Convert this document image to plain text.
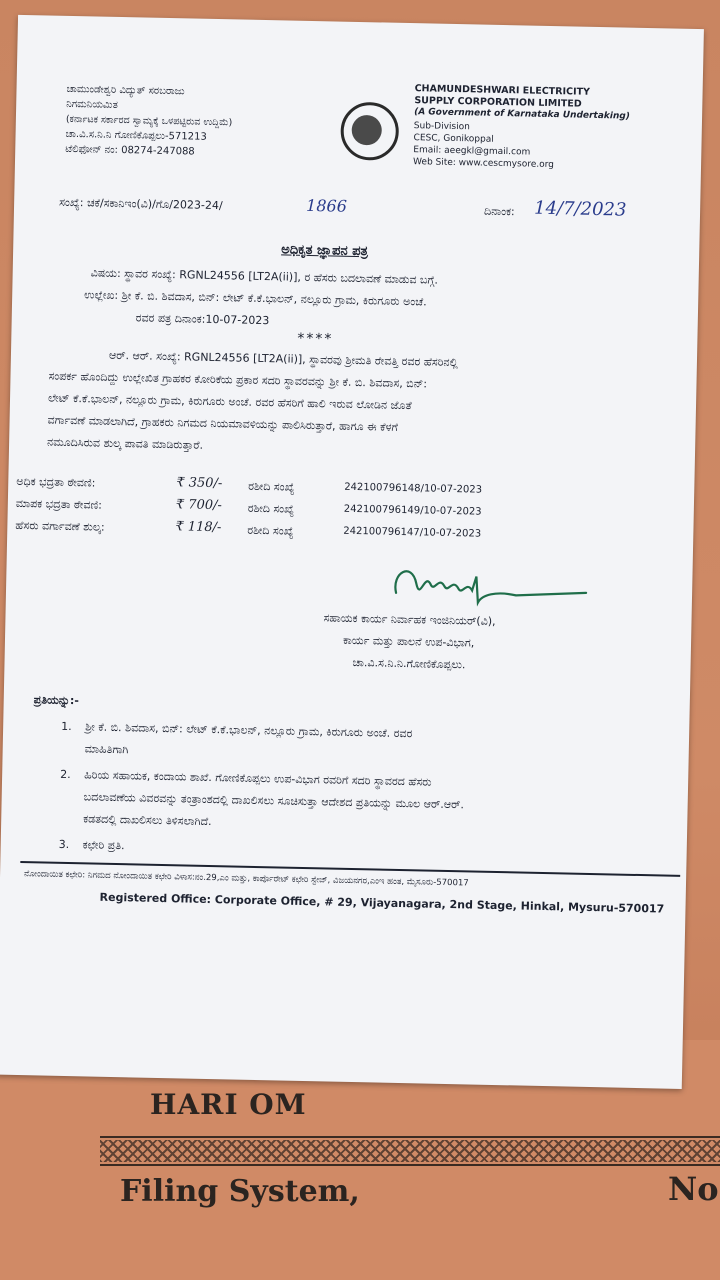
HARI OM
Filing System,	No
ಚಾಮುಂಡೇಶ್ವರಿ ವಿದ್ಯುತ್ ಸರಬರಾಜು
ನಿಗಮನಿಯಮಿತ
(ಕರ್ನಾಟಕ ಸರ್ಕಾರದ ಸ್ವಾಮ್ಯಕ್ಕೆ ಒಳಪಟ್ಟಿರುವ ಉದ್ದಿಮೆ)
ಚಾ.ವಿ.ಸ.ನಿ.ನಿ ಗೋಣಿಕೊಪ್ಪಲು-571213
ಟೆಲಿಫೋನ್ ನಂ: 08274-247088
CHAMUNDESHWARI ELECTRICITY
SUPPLY CORPORATION LIMITED
(A Government of Karnataka Undertaking)
Sub-Division
CESC, Gonikoppal
Email: aeegkl@gmail.com
Web Site: www.cescmysore.org
ಸಂಖ್ಯೆ: ಚಕೆ/ಸಕಾನಿಇಂ(ವಿ)/ಗೊ/2023-24/	1866	ದಿನಾಂಕ: 14/7/2023
ಅಧಿಕೃತ ಜ್ಞಾಪನ ಪತ್ರ
ವಿಷಯ: ಸ್ಥಾವರ ಸಂಖ್ಯೆ: RGNL24556 [LT2A(ii)], ರ ಹೆಸರು ಬದಲಾವಣೆ ಮಾಡುವ ಬಗ್ಗೆ.
ಉಲ್ಲೇಖ: ಶ್ರೀ ಕೆ. ಬಿ. ಶಿವದಾಸ, ಬಿನ್: ಲೇಟ್ ಕೆ.ಕೆ.ಭಾಲನ್, ನಲ್ಲೂರು ಗ್ರಾಮ, ಕಿರುಗೂರು ಅಂಚೆ.
ರವರ ಪತ್ರ ದಿನಾಂಕ:10-07-2023
****
ಆರ್. ಆರ್. ಸಂಖ್ಯೆ: RGNL24556 [LT2A(ii)], ಸ್ಥಾವರವು ಶ್ರೀಮತಿ ರೇವತ್ತಿ ರವರ ಹೆಸರಿನಲ್ಲಿ
ಸಂಪರ್ಕ ಹೊಂದಿದ್ದು ಉಲ್ಲೇಖಿತ ಗ್ರಾಹಕರ ಕೋರಿಕೆಯ ಪ್ರಕಾರ ಸದರಿ ಸ್ಥಾವರವನ್ನು ಶ್ರೀ ಕೆ. ಬಿ. ಶಿವದಾಸ, ಬಿನ್:
ಲೇಟ್ ಕೆ.ಕೆ.ಭಾಲನ್, ನಲ್ಲೂರು ಗ್ರಾಮ, ಕಿರುಗೂರು ಅಂಚೆ. ರವರ ಹೆಸರಿಗೆ ಹಾಲಿ ಇರುವ ಲೋಡಿನ ಜೊತೆ
ವರ್ಗಾವಣೆ ಮಾಡಲಾಗಿದೆ, ಗ್ರಾಹಕರು ನಿಗಮದ ನಿಯಮಾವಳಿಯನ್ನು ಪಾಲಿಸಿರುತ್ತಾರೆ, ಹಾಗೂ ಈ ಕೆಳಗೆ
ನಮೂದಿಸಿರುವ ಶುಲ್ಕ ಪಾವತಿ ಮಾಡಿರುತ್ತಾರೆ.
ಅಧಿಕ ಭದ್ರತಾ ಠೇವಣಿ:	₹ 350/- ರಶೀದಿ ಸಂಖ್ಯೆ	242100796148/10-07-2023
ಮಾಪಕ ಭದ್ರತಾ ಠೇವಣಿ:	₹ 700/- ರಶೀದಿ ಸಂಖ್ಯೆ	242100796149/10-07-2023
ಹೆಸರು ವರ್ಗಾವಣೆ ಶುಲ್ಕ:	₹ 118/- ರಶೀದಿ ಸಂಖ್ಯೆ	242100796147/10-07-2023
ಸಹಾಯಕ ಕಾರ್ಯ ನಿರ್ವಾಹಕ ಇಂಜಿನಿಯರ್(ವಿ),
ಕಾರ್ಯ ಮತ್ತು ಪಾಲನೆ ಉಪ-ವಿಭಾಗ,
ಚಾ.ವಿ.ಸ.ನಿ.ನಿ.ಗೋಣಿಕೊಪ್ಪಲು.
ಪ್ರತಿಯನ್ನು:-
1. ಶ್ರೀ ಕೆ. ಬಿ. ಶಿವದಾಸ, ಬಿನ್: ಲೇಟ್ ಕೆ.ಕೆ.ಭಾಲನ್, ನಲ್ಲೂರು ಗ್ರಾಮ, ಕಿರುಗೂರು ಅಂಚೆ. ರವರ
ಮಾಹಿತಿಗಾಗಿ
2. ಹಿರಿಯ ಸಹಾಯಕ, ಕಂದಾಯ ಶಾಖೆ. ಗೋಣಿಕೊಪ್ಪಲು ಉಪ-ವಿಭಾಗ ರವರಿಗೆ ಸದರಿ ಸ್ಥಾವರದ ಹೆಸರು
ಬದಲಾವಣೆಯ ವಿವರವನ್ನು ತಂತ್ರಾಂಶದಲ್ಲಿ ದಾಖಲಿಸಲು ಸೂಚಿಸುತ್ತಾ ಆದೇಶದ ಪ್ರತಿಯನ್ನು ಮೂಲ ಆರ್.ಆರ್.
ಕಡತದಲ್ಲಿ ದಾಖಲಿಸಲು ತಿಳಿಸಲಾಗಿದೆ.
3. ಕಛೇರಿ ಪ್ರತಿ.
ನೋಂದಾಯಿತ ಕಛೇರಿ: ನಿಗಮದ ನೋಂದಾಯಿತ ಕಛೇರಿ ವಿಳಾಸ:ನಂ.29,ಎಂ ಮತ್ತು, ಕಾರ್ಪೊರೇಟ್ ಕಛೇರಿ ಸ್ಟೇಜ್, ವಿಜಯನಗರ,ಎಂಇ ಹಂತ, ಮೈಸೂರು-570017
Registered Office: Corporate Office, # 29, Vijayanagara, 2nd Stage, Hinkal, Mysuru-570017
